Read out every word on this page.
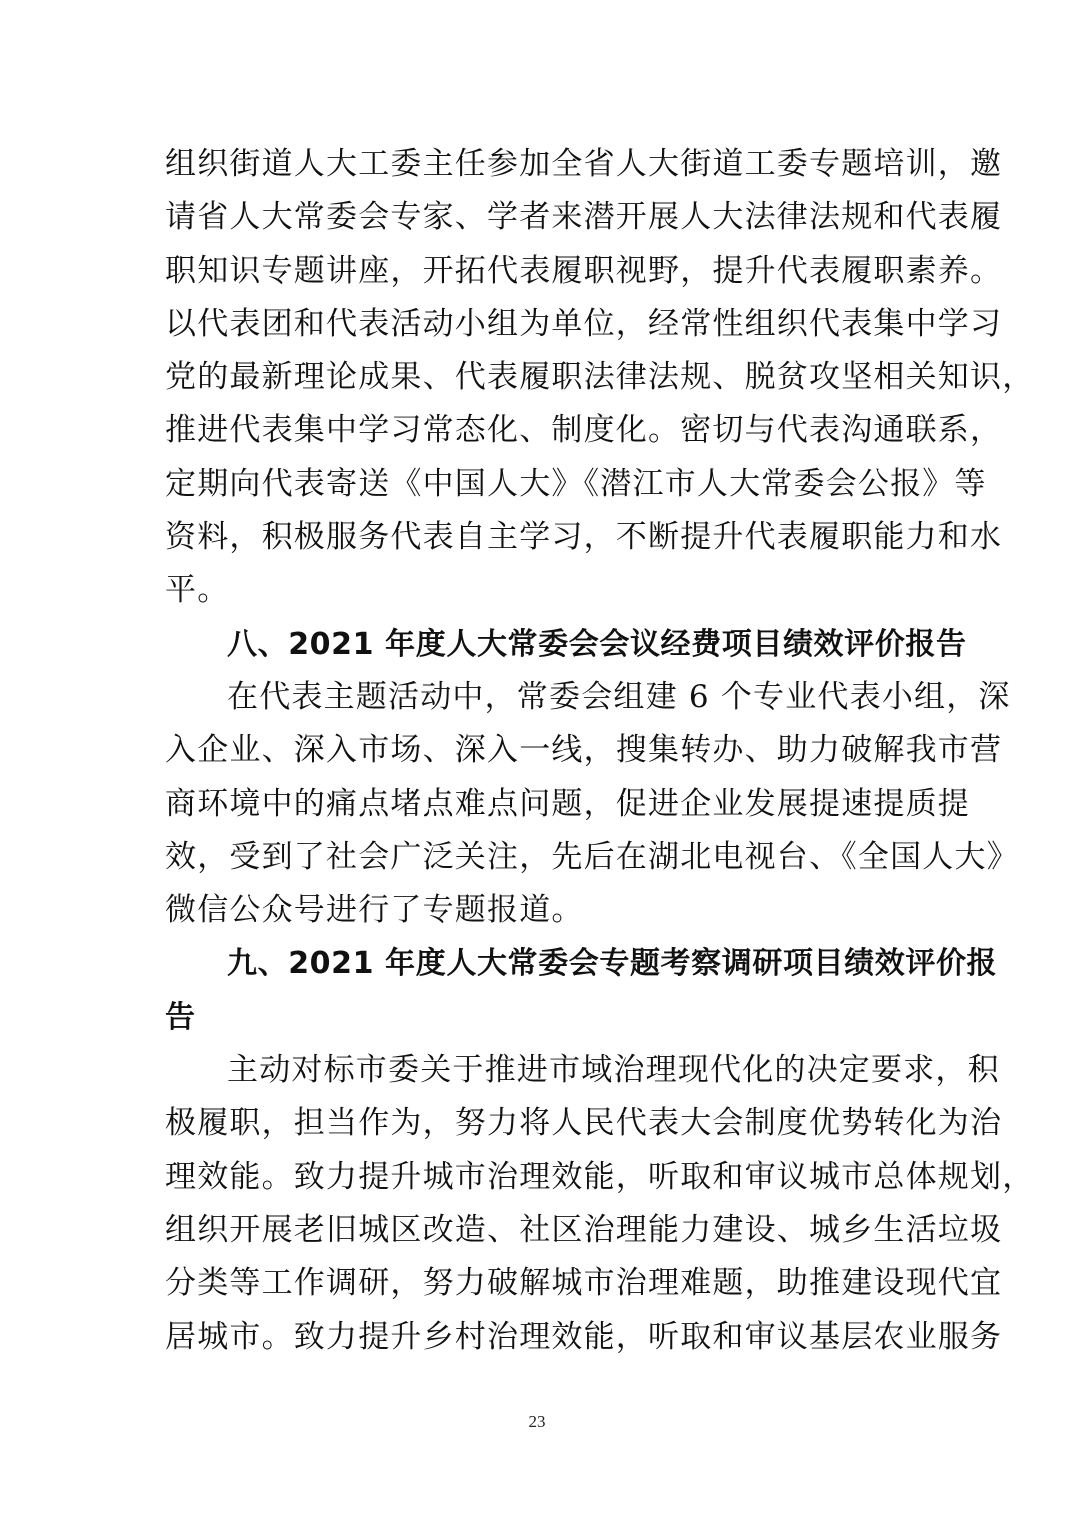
组织街道人大工委主任参加全省人大街道工委专题培训，邀
请省人大常委会专家、学者来潜开展人大法律法规和代表履
职知识专题讲座，开拓代表履职视野，提升代表履职素养。
以代表团和代表活动小组为单位，经常性组织代表集中学习
党的最新理论成果、代表履职法律法规、脱贫攻坚相关知识，
推进代表集中学习常态化、制度化。密切与代表沟通联系，
定期向代表寄送《中国人大》《潜江市人大常委会公报》等
资料，积极服务代表自主学习，不断提升代表履职能力和水
平。
八、2021 年度人大常委会会议经费项目绩效评价报告
在代表主题活动中，常委会组建 6 个专业代表小组，深
入企业、深入市场、深入一线，搜集转办、助力破解我市营
商环境中的痛点堵点难点问题，促进企业发展提速提质提
效，受到了社会广泛关注，先后在湖北电视台、《全国人大》
微信公众号进行了专题报道。
九、2021 年度人大常委会专题考察调研项目绩效评价报
告
主动对标市委关于推进市域治理现代化的决定要求，积
极履职，担当作为，努力将人民代表大会制度优势转化为治
理效能。致力提升城市治理效能，听取和审议城市总体规划，
组织开展老旧城区改造、社区治理能力建设、城乡生活垃圾
分类等工作调研，努力破解城市治理难题，助推建设现代宜
居城市。致力提升乡村治理效能，听取和审议基层农业服务
23
